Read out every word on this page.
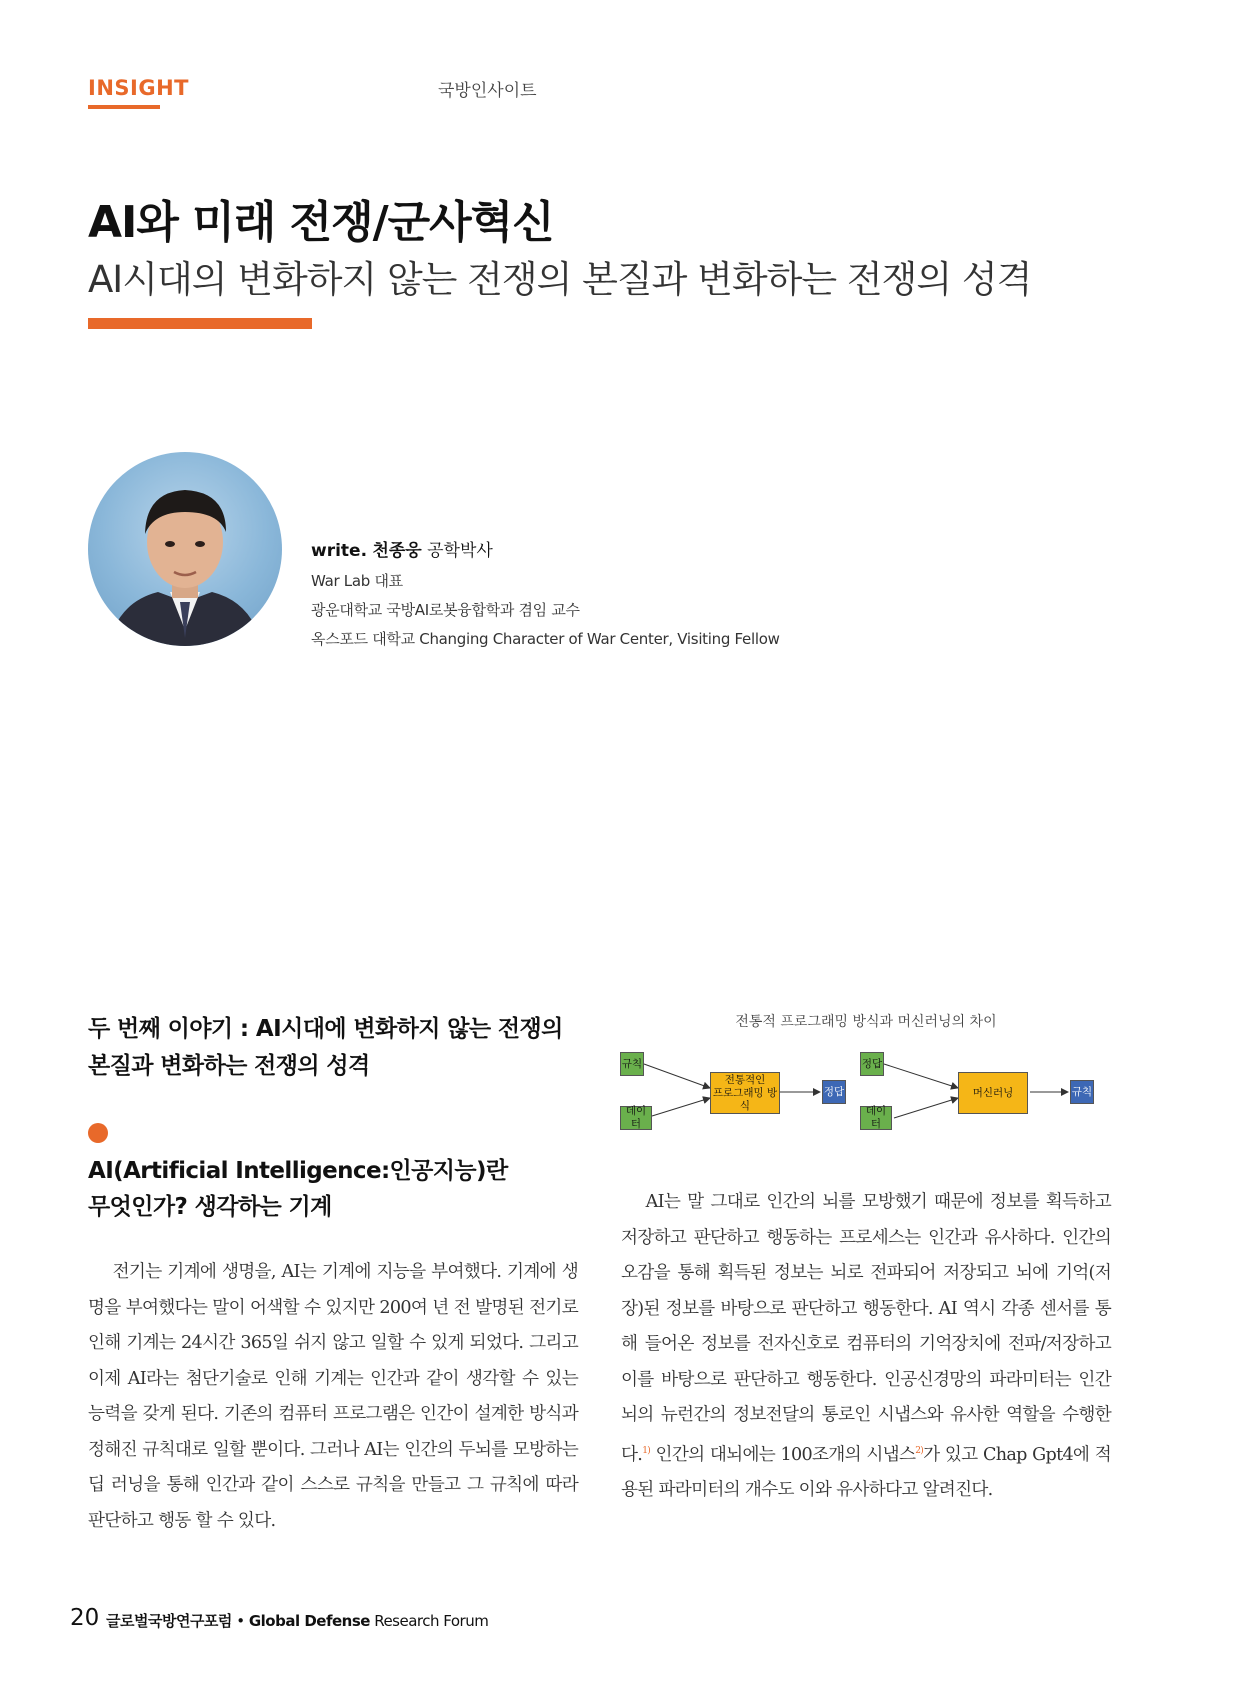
INSIGHT	국방인사이트
AI와 미래 전쟁/군사혁신
AI시대의 변화하지 않는 전쟁의 본질과 변화하는 전쟁의 성격
write. 천종웅 공학박사
War Lab 대표
광운대학교 국방AI로봇융합학과 겸임 교수
옥스포드 대학교 Changing Character of War Center, Visiting Fellow
두 번째 이야기 : AI시대에 변화하지 않는 전쟁의
본질과 변화하는 전쟁의 성격
AI(Artificial Intelligence:인공지능)란
무엇인가? 생각하는 기계

전기는 기계에 생명을, AI는 기계에 지능을 부여했다. 기계에 생명을 부여했다는 말이 어색할 수 있지만 200여 년 전 발명된 전기로 인해 기계는 24시간 365일 쉬지 않고 일할 수 있게 되었다. 그리고 이제 AI라는 첨단기술로 인해 기계는 인간과 같이 생각할 수 있는 능력을 갖게 된다. 기존의 컴퓨터 프로그램은 인간이 설계한 방식과 정해진 규칙대로 일할 뿐이다. 그러나 AI는 인간의 두뇌를 모방하는 딥 러닝을 통해 인간과 같이 스스로 규칙을 만들고 그 규칙에 따라 판단하고 행동 할 수 있다.

전통적 프로그래밍 방식과 머신러닝의 차이
규칙
데이터
전통적인
프로그래밍 방식
정답
정답
데이터
머신러닝	규칙

AI는 말 그대로 인간의 뇌를 모방했기 때문에 정보를 획득하고 저장하고 판단하고 행동하는 프로세스는 인간과 유사하다. 인간의 오감을 통해 획득된 정보는 뇌로 전파되어 저장되고 뇌에 기억(저장)된 정보를 바탕으로 판단하고 행동한다. AI 역시 각종 센서를 통해 들어온 정보를 전자신호로 컴퓨터의 기억장치에 전파/저장하고 이를 바탕으로 판단하고 행동한다. 인공신경망의 파라미터는 인간 뇌의 뉴런간의 정보전달의 통로인 시냅스와 유사한 역할을 수행한다.$^{1)}$ 인간의 대뇌에는 100조개의 시냅스$^{2)}$가 있고 Chap Gpt4에 적용된 파라미터의 개수도 이와 유사하다고 알려진다.

20 글로벌국방연구포럼 • Global Defense Research Forum
